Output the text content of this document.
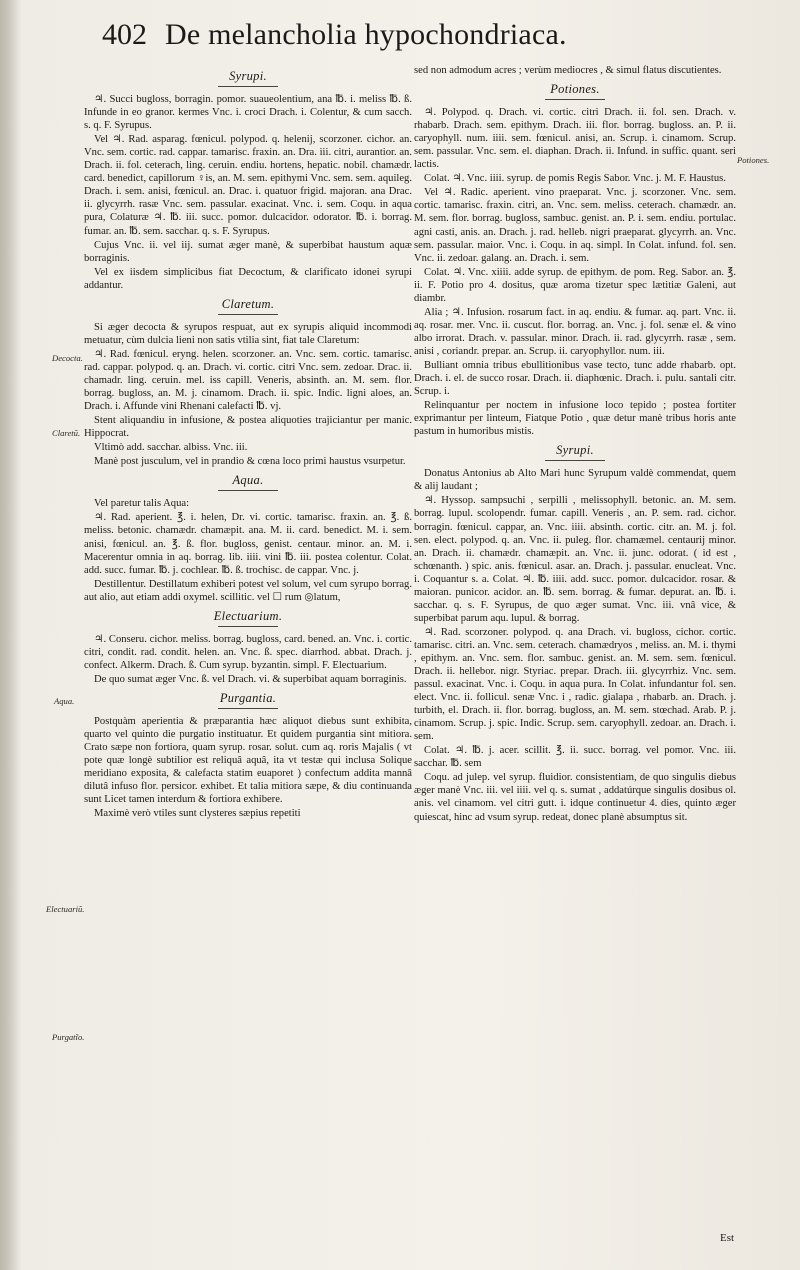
402 De melancholia hypochondriaca.
Decocta.
Claretũ.
Aqua.
Electuariũ.
Purgatĩo.
Potiones.
Syrupi.

♃. Succi bugloss, borragin. pomor. suaueolentium, ana ℔. i. meliss ℔. ß. Infunde in eo granor. kermes Vnc. i. croci Drach. i. Colentur, & cum sacch. s. q. F. Syrupus.

Vel ♃. Rad. asparag. fœnicul. polypod. q. helenij, scorzoner. cichor. an. Vnc. sem. cortic. rad. cappar. tamarisc. fraxin. an. Dra. iii. citri, aurantior. an. Drach. ii. fol. ceterach, ling. ceruin. endiu. hortens, hepatic. nobil. chamædr. card. benedict, capillorum ♀is, an. M. sem. epithymi Vnc. sem. sem. aquileg. Drach. i. sem. anisi, fœnicul. an. Drac. i. quatuor frigid. majoran. ana Drac. ii. glycyrrh. rasæ Vnc. sem. passular. exacinat. Vnc. i. sem. Coqu. in aqua pura, Colaturæ ♃. ℔. iii. succ. pomor. dulcacidor. odorator. ℔. i. borrag. fumar. an. ℔. sem. sacchar. q. s. F. Syrupus.

Cujus Vnc. ii. vel iij. sumat æger manè, & superbibat haustum aquæ borraginis.

Vel ex iisdem simplicibus fiat Decoctum, & clarificato idonei syrupi addantur.

Claretum.

Si æger decocta & syrupos respuat, aut ex syrupis aliquid incommodi metuatur, cùm dulcia lieni non satis vtilia sint, fiat tale Claretum:

♃. Rad. fœnicul. eryng. helen. scorzoner. an. Vnc. sem. cortic. tamarisc. rad. cappar. polypod. q. an. Drach. vi. cortic. citri Vnc. sem. zedoar. Drac. ii. chamadr. ling. ceruin. mel. iss capill. Veneris, absinth. an. M. sem. flor. borrag. bugloss, an. M. j. cinamom. Drach. ii. spic. Indic. ligni aloes, an. Drach. i. Affunde vini Rhenani calefacti ℔. vj.

Stent aliquandiu in infusione, & postea aliquoties trajiciantur per manic. Hippocrat.

Vltimò add. sacchar. albiss. Vnc. iii.

Manè post jusculum, vel in prandio & cœna loco primi haustus vsurpetur.

Aqua.

Vel paretur talis Aqua:

♃. Rad. aperient. ℥. i. helen, Dr. vi. cortic. tamarisc. fraxin. an. ℥. ß. meliss. betonic. chamædr. chamæpit. ana. M. ii. card. benedict. M. i. sem. anisi, fœnicul. an. ℥. ß. flor. bugloss, genist. centaur. minor. an. M. i. Macerentur omnia in aq. borrag. lib. iiii. vini ℔. iii. postea colentur. Colat. add. succ. fumar. ℔. j. cochlear. ℔. ß. trochisc. de cappar. Vnc. j.

Destillentur. Destillatum exhiberi potest vel solum, vel cum syrupo borrag. aut alio, aut etiam addi oxymel. scillitic. vel ☐ rum ◎latum,

Electuarium.

♃. Conseru. cichor. meliss. borrag. bugloss, card. bened. an. Vnc. i. cortic. citri, condit. rad. condit. helen. an. Vnc. ß. spec. diarrhod. abbat. Drach. j. confect. Alkerm. Drach. ß. Cum syrup. byzantin. simpl. F. Electuarium.

De quo sumat æger Vnc. ß. vel Drach. vi. & superbibat aquam borraginis.

Purgantia.

Postquàm aperientia & præparantia hæc aliquot diebus sunt exhibita, quarto vel quinto die purgatio instituatur. Et quidem purgantia sint mitiora. Crato sæpe non fortiora, quam syrup. rosar. solut. cum aq. roris Majalis ( vt pote quæ longè subtilior est reliquâ aquâ, ita vt testæ qui inclusa Solique meridiano exposita, & calefacta statim euaporet ) confectum addita mannâ dilutâ infuso flor. persicor. exhibet. Et talia mitiora sæpe, & diu continuanda sunt Licet tamen interdum & fortiora exhibere.

Maximè verò vtiles sunt clysteres sæpius repetiti

sed non admodum acres ; verùm mediocres , & simul flatus discutientes.

Potiones.

♃. Polypod. q. Drach. vi. cortic. citri Drach. ii. fol. sen. Drach. v. rhabarb. Drach. sem. epithym. Drach. iii. flor. borrag. bugloss. an. P. ii. caryophyll. num. iiii. sem. fœnicul. anisi, an. Scrup. i. cinamom. Scrup. sem. passular. Vnc. sem. el. diaphan. Drach. ii. Infund. in suffic. quant. seri lactis.

Colat. ♃. Vnc. iiii. syrup. de pomis Regis Sabor. Vnc. j. M. F. Haustus.

Vel ♃. Radic. aperient. vino praeparat. Vnc. j. scorzoner. Vnc. sem. cortic. tamarisc. fraxin. citri, an. Vnc. sem. meliss. ceterach. chamædr. an. M. sem. flor. borrag. bugloss, sambuc. genist. an. P. i. sem. endiu. portulac. agni casti, anis. an. Drach. j. rad. helleb. nigri praeparat. glycyrrh. an. Vnc. sem. passular. maior. Vnc. i. Coqu. in aq. simpl. In Colat. infund. fol. sen. Vnc. ii. zedoar. galang. an. Drach. i. sem.

Colat. ♃. Vnc. xiiii. adde syrup. de epithym. de pom. Reg. Sabor. an. ℥. ii. F. Potio pro 4. dositus, quæ aroma tizetur spec lætitiæ Galeni, aut diambr.

Alia ; ♃. Infusion. rosarum fact. in aq. endiu. & fumar. aq. part. Vnc. ii. aq. rosar. mer. Vnc. ii. cuscut. flor. borrag. an. Vnc. j. fol. senæ el. & vino albo irrorat. Drach. v. passular. minor. Drach. ii. rad. glycyrrh. rasæ , sem. anisi , coriandr. prepar. an. Scrup. ii. caryophyllor. num. iii.

Bulliant omnia tribus ebullitionibus vase tecto, tunc adde rhabarb. opt. Drach. i. el. de succo rosar. Drach. ii. diaphœnic. Drach. i. pulu. santali citr. Scrup. i.

Relinquantur per noctem in infusione loco tepido ; postea fortiter exprimantur per linteum, Fiatque Potio , quæ detur manè tribus horis ante pastum in humoribus mistis.

Syrupi.

Donatus Antonius ab Alto Mari hunc Syrupum valdè commendat, quem & alij laudant ;

♃. Hyssop. sampsuchi , serpilli , melissophyll. betonic. an. M. sem. borrag. lupul. scolopendr. fumar. capill. Veneris , an. P. sem. rad. cichor. borragin. fœnicul. cappar, an. Vnc. iiii. absinth. cortic. citr. an. M. j. fol. sen. elect. polypod. q. an. Vnc. ii. puleg. flor. chamæmel. centaurij minor. an. Drach. ii. chamædr. chamæpit. an. Vnc. ii. junc. odorat. ( id est , schœnanth. ) spic. anis. fœnicul. asar. an. Drach. j. passular. enucleat. Vnc. i. Coquantur s. a. Colat. ♃. ℔. iiii. add. succ. pomor. dulcacidor. rosar. & maioran. punicor. acidor. an. ℔. sem. borrag. & fumar. depurat. an. ℔. i. sacchar. q. s. F. Syrupus, de quo æger sumat. Vnc. iii. vnâ vice, & superbibat parum aqu. lupul. & borrag.

♃. Rad. scorzoner. polypod. q. ana Drach. vi. bugloss, cichor. cortic. tamarisc. citri. an. Vnc. sem. ceterach. chamædryos , meliss. an. M. i. thymi , epithym. an. Vnc. sem. flor. sambuc. genist. an. M. sem. sem. fœnicul. Drach. ii. hellebor. nigr. Styriac. prepar. Drach. iii. glycyrrhiz. Vnc. sem. passul. exacinat. Vnc. i. Coqu. in aqua pura. In Colat. infundantur fol. sen. elect. Vnc. ii. follicul. senæ Vnc. i , radic. gialapa , rhabarb. an. Drach. j. turbith, el. Drach. ii. flor. borrag. bugloss, an. M. sem. stœchad. Arab. P. j. cinamom. Scrup. j. spic. Indic. Scrup. sem. caryophyll. zedoar. an. Drach. i. sem.

Colat. ♃. ℔. j. acer. scillit. ℥. ii. succ. borrag. vel pomor. Vnc. iii. sacchar. ℔. sem

Coqu. ad julep. vel syrup. fluidior. consistentiam, de quo singulis diebus æger manè Vnc. iii. vel iiii. vel q. s. sumat , addatúrque singulis dosibus ol. anis. vel cinamom. vel citri gutt. i. idque continuetur 4. dies, quinto æger quiescat, hinc ad vsum syrup. redeat, donec planè absumptus sit.

Est
